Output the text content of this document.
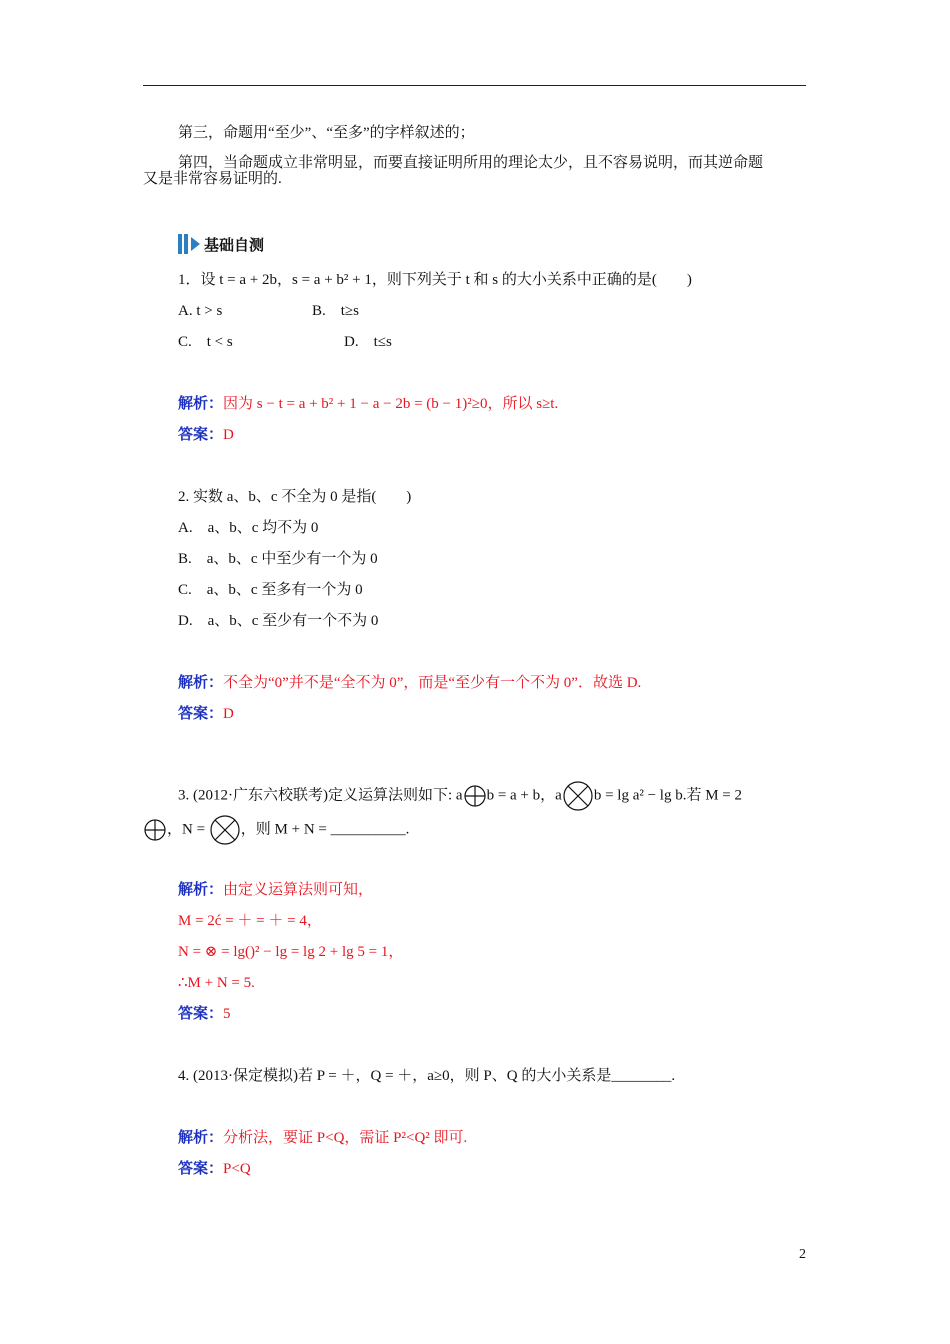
第三，命题用“至少”、“至多”的字样叙述的；
第四，当命题成立非常明显，而要直接证明所用的理论太少，且不容易说明，而其逆命题
又是非常容易证明的.
基础自测
1．设 t = a + 2b，s = a + b² + 1，则下列关于 t 和 s 的大小关系中正确的是(　　)
A. t > s	B.　t≥s
C.　t < s	D.　t≤s
解析：因为 s − t = a + b² + 1 − a − 2b = (b − 1)²≥0，所以 s≥t.
答案：D
2. 实数 a、b、c 不全为 0 是指(　　)
A.　a、b、c 均不为 0
B.　a、b、c 中至少有一个为 0
C.　a、b、c 至多有一个为 0
D.　a、b、c 至少有一个不为 0
解析：不全为“0”并不是“全不为 0”，而是“至少有一个不为 0”．故选 D.
答案：D
3. (2012·广东六校联考)定义运算法则如下: a b = a + b，a b = lg a² − lg b.若 M = 2
，N = ，则 M + N = __________.
解析：由定义运算法则可知，
M = 2ć = ＋ = ＋ = 4，
N = ⊗ = lg()² − lg = lg 2 + lg 5 = 1，
∴M + N = 5.
答案：5
4. (2013·保定模拟)若 P = ＋，Q = ＋，a≥0，则 P、Q 的大小关系是________.
解析：分析法，要证 P<Q，需证 P²<Q² 即可.
答案：P<Q
2
